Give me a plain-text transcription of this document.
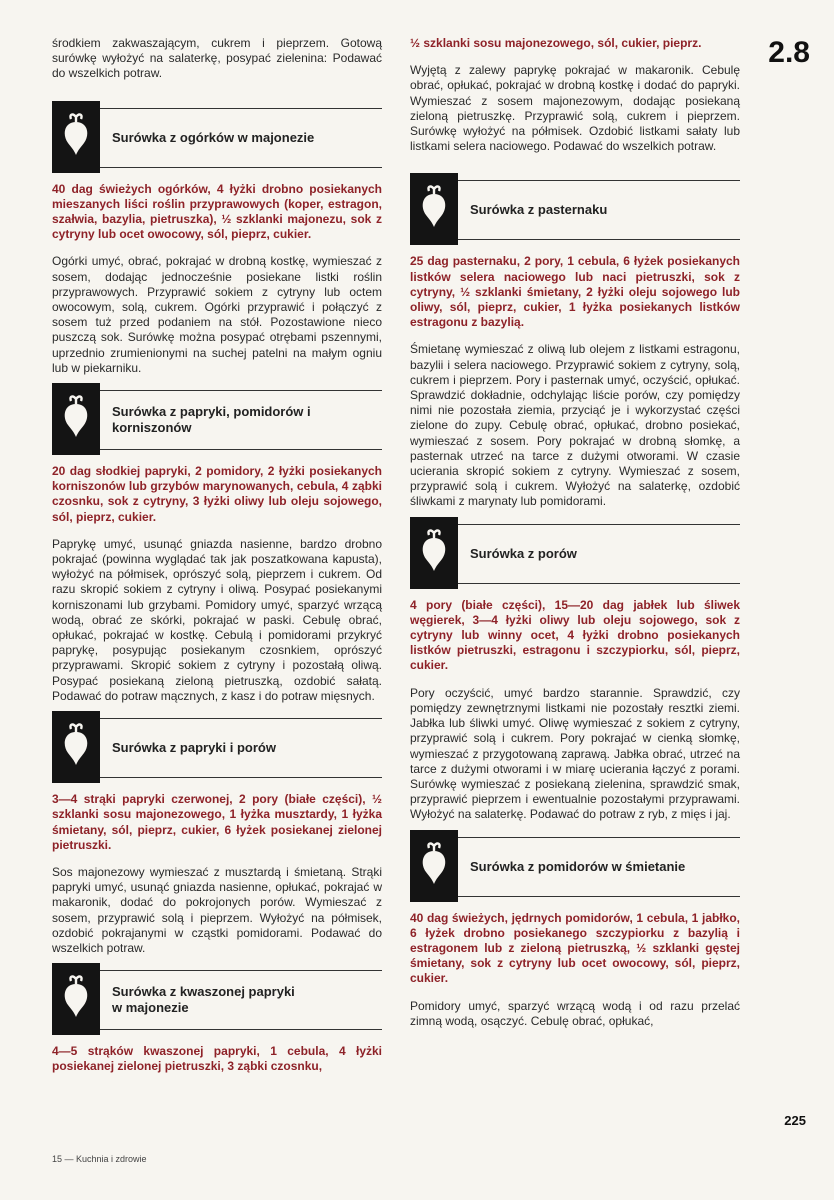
2.8

środkiem zakwaszającym, cukrem i pieprzem. Gotową surówkę wyłożyć na salaterkę, posypać zielenina: Podawać do wszelkich potraw.

Surówka z ogórków w majonezie

40 dag świeżych ogórków, 4 łyżki drobno posiekanych mieszanych liści roślin przyprawowych (koper, estragon, szałwia, bazylia, pietruszka), ½ szklanki majonezu, sok z cytryny lub ocet owocowy, sól, pieprz, cukier.

Ogórki umyć, obrać, pokrajać w drobną kostkę, wymieszać z sosem, dodając jednocześnie posiekane listki roślin przyprawowych. Przyprawić sokiem z cytryny lub octem owocowym, solą, cukrem. Ogórki przyprawić i połączyć z sosem tuż przed podaniem na stół. Pozostawione nieco puszczą sok. Surówkę można posypać otrębami pszennymi, uprzednio zrumienionymi na suchej patelni na małym ogniu lub w piekarniku.

Surówka z papryki, pomidorów i korniszonów

20 dag słodkiej papryki, 2 pomidory, 2 łyżki posiekanych korniszonów lub grzybów marynowanych, cebula, 4 ząbki czosnku, sok z cytryny, 3 łyżki oliwy lub oleju sojowego, sól, pieprz, cukier.

Paprykę umyć, usunąć gniazda nasienne, bardzo drobno pokrajać (powinna wyglądać tak jak poszatkowana kapusta), wyłożyć na półmisek, oprószyć solą, pieprzem i cukrem. Od razu skropić sokiem z cytryny i oliwą. Posypać posiekanymi korniszonami lub grzybami. Pomidory umyć, sparzyć wrzącą wodą, obrać ze skórki, pokrajać w paski. Cebulę obrać, opłukać, pokrajać w kostkę. Cebulą i pomidorami przykryć paprykę, posypując posiekanym czosnkiem, oprószyć przyprawami. Skropić sokiem z cytryny i pozostałą oliwą. Posypać posiekaną zieloną pietruszką, ozdobić sałatą. Podawać do potraw mącznych, z kasz i do potraw mięsnych.

Surówka z papryki i porów

3—4 strąki papryki czerwonej, 2 pory (białe części), ½ szklanki sosu majonezowego, 1 łyżka musztardy, 1 łyżka śmietany, sól, pieprz, cukier, 6 łyżek posiekanej zielonej pietruszki.

Sos majonezowy wymieszać z musztardą i śmietaną. Strąki papryki umyć, usunąć gniazda nasienne, opłukać, pokrajać w makaronik, dodać do pokrojonych porów. Wymieszać z sosem, przyprawić solą i pieprzem. Wyłożyć na półmisek, ozdobić pokrajanymi w cząstki pomidorami. Podawać do wszelkich potraw.

Surówka z kwaszonej papryki w majonezie

4—5 strąków kwaszonej papryki, 1 cebula, 4 łyżki posiekanej zielonej pietruszki, 3 ząbki czosnku,

½ szklanki sosu majonezowego, sól, cukier, pieprz.

Wyjętą z zalewy paprykę pokrajać w makaronik. Cebulę obrać, opłukać, pokrajać w drobną kostkę i dodać do papryki. Wymieszać z sosem majonezowym, dodając posiekaną zieloną pietruszkę. Przyprawić solą, cukrem i pieprzem. Surówkę wyłożyć na półmisek. Ozdobić listkami sałaty lub listkami selera naciowego. Podawać do wszelkich potraw.

Surówka z pasternaku

25 dag pasternaku, 2 pory, 1 cebula, 6 łyżek posiekanych listków selera naciowego lub naci pietruszki, sok z cytryny, ½ szklanki śmietany, 2 łyżki oleju sojowego lub oliwy, sól, pieprz, cukier, 1 łyżka posiekanych listków estragonu z bazylią.

Śmietanę wymieszać z oliwą lub olejem z listkami estragonu, bazylii i selera naciowego. Przyprawić sokiem z cytryny, solą, cukrem i pieprzem. Pory i pasternak umyć, oczyścić, opłukać. Sprawdzić dokładnie, odchylając liście porów, czy pomiędzy nimi nie pozostała ziemia, przyciąć je i wykorzystać części zielone do zupy. Cebulę obrać, opłukać, drobno posiekać, wymieszać z sosem. Pory pokrajać w drobną słomkę, a pasternak utrzeć na tarce z dużymi otworami. W czasie ucierania skropić sokiem z cytryny. Wymieszać z sosem, przyprawić solą i cukrem. Wyłożyć na salaterkę, ozdobić śliwkami z marynaty lub pomidorami.

Surówka z porów

4 pory (białe części), 15—20 dag jabłek lub śliwek węgierek, 3—4 łyżki oliwy lub oleju sojowego, sok z cytryny lub winny ocet, 4 łyżki drobno posiekanych listków pietruszki, estragonu i szczypiorku, sól, pieprz, cukier.

Pory oczyścić, umyć bardzo starannie. Sprawdzić, czy pomiędzy zewnętrznymi listkami nie pozostały resztki ziemi. Jabłka lub śliwki umyć. Oliwę wymieszać z sokiem z cytryny, przyprawić solą i cukrem. Pory pokrajać w cienką słomkę, wymieszać z przygotowaną zaprawą. Jabłka obrać, utrzeć na tarce z dużymi otworami i w miarę ucierania łączyć z porami. Surówkę wymieszać z posiekaną zielenina, sprawdzić smak, przyprawić pieprzem i ewentualnie pozostałymi przyprawami. Wyłożyć na salaterkę. Podawać do potraw z ryb, z mięs i jaj.

Surówka z pomidorów w śmietanie

40 dag świeżych, jędrnych pomidorów, 1 cebula, 1 jabłko, 6 łyżek drobno posiekanego szczypiorku z bazylią i estragonem lub z zieloną pietruszką, ½ szklanki gęstej śmietany, sok z cytryny lub ocet owocowy, sól, pieprz, cukier.

Pomidory umyć, sparzyć wrzącą wodą i od razu przelać zimną wodą, osączyć. Cebulę obrać, opłukać,

225
15 — Kuchnia i zdrowie
